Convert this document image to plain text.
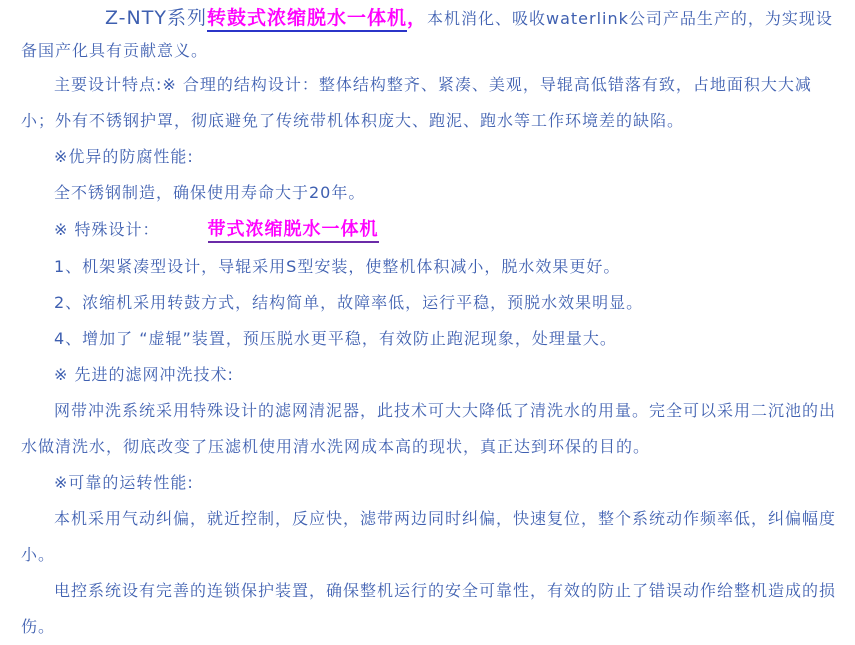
Z-NTY系列转鼓式浓缩脱水一体机，本机消化、吸收waterlink公司产品生产的，为实现设备国产化具有贡献意义。

主要设计特点:※ 合理的结构设计：整体结构整齐、紧凑、美观，导辊高低错落有致，占地面积大大减小；外有不锈钢护罩，彻底避免了传统带机体积庞大、跑泥、跑水等工作环境差的缺陷。

※优异的防腐性能:

全不锈钢制造，确保使用寿命大于20年。

※ 特殊设计：	带式浓缩脱水一体机

1、机架紧凑型设计，导辊采用S型安装，使整机体积减小，脱水效果更好。

2、浓缩机采用转鼓方式，结构简单，故障率低，运行平稳，预脱水效果明显。

4、增加了 “虚辊”装置，预压脱水更平稳，有效防止跑泥现象，处理量大。

※ 先进的滤网冲洗技术:

网带冲洗系统采用特殊设计的滤网清泥器，此技术可大大降低了清洗水的用量。完全可以采用二沉池的出水做清洗水，彻底改变了压滤机使用清水洗网成本高的现状，真正达到环保的目的。

※可靠的运转性能:

本机采用气动纠偏，就近控制，反应快，滤带两边同时纠偏，快速复位，整个系统动作频率低，纠偏幅度小。

电控系统设有完善的连锁保护装置，确保整机运行的安全可靠性，有效的防止了错误动作给整机造成的损伤。
